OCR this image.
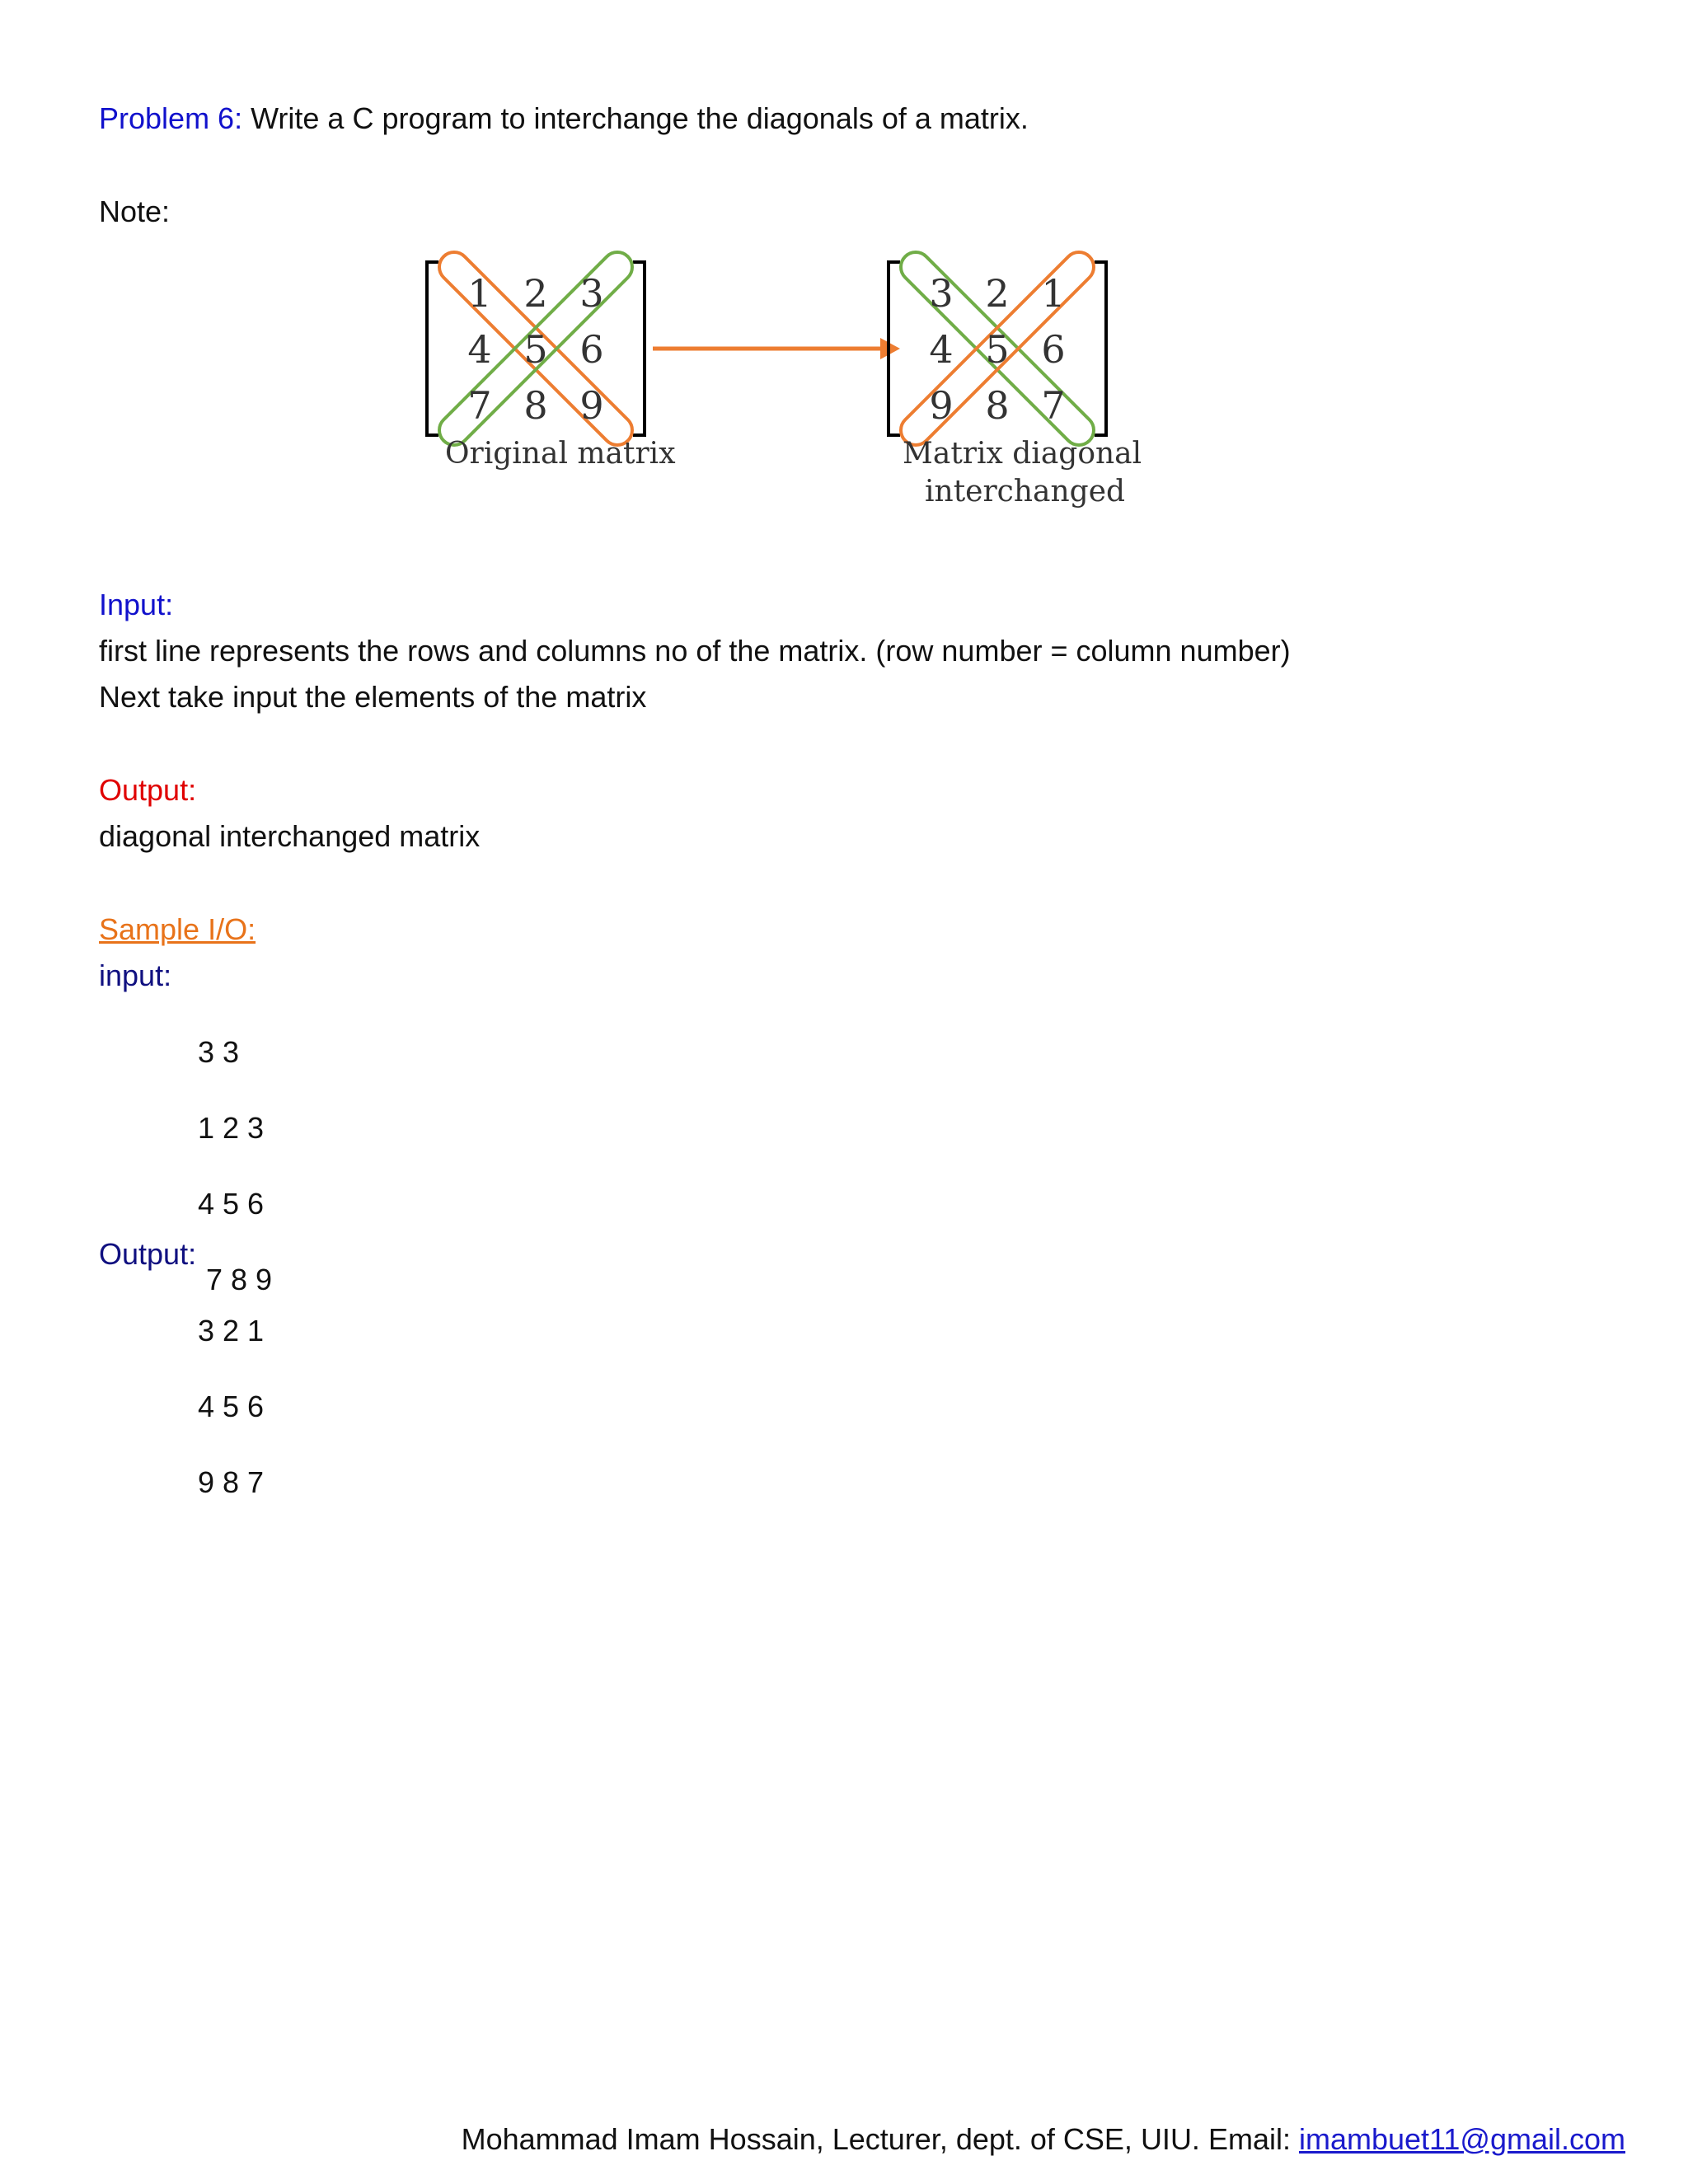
Problem 6: Write a C program to interchange the diagonals of a matrix.
Note:
1 2 3
4 5 6
7 8 9
3 2 1
4 5 6
9 8 7
Original matrix	Matrix diagonal
interchanged
Input:
first line represents the rows and columns no of the matrix. (row number = column number)
Next take input the elements of the matrix
Output:
diagonal interchanged matrix
Sample I/O:
input:

3 3

1 2 3

4 5 6

7 8 9

Output:

3 2 1

4 5 6

9 8 7

Mohammad Imam Hossain, Lecturer, dept. of CSE, UIU. Email: imambuet11@gmail.com
